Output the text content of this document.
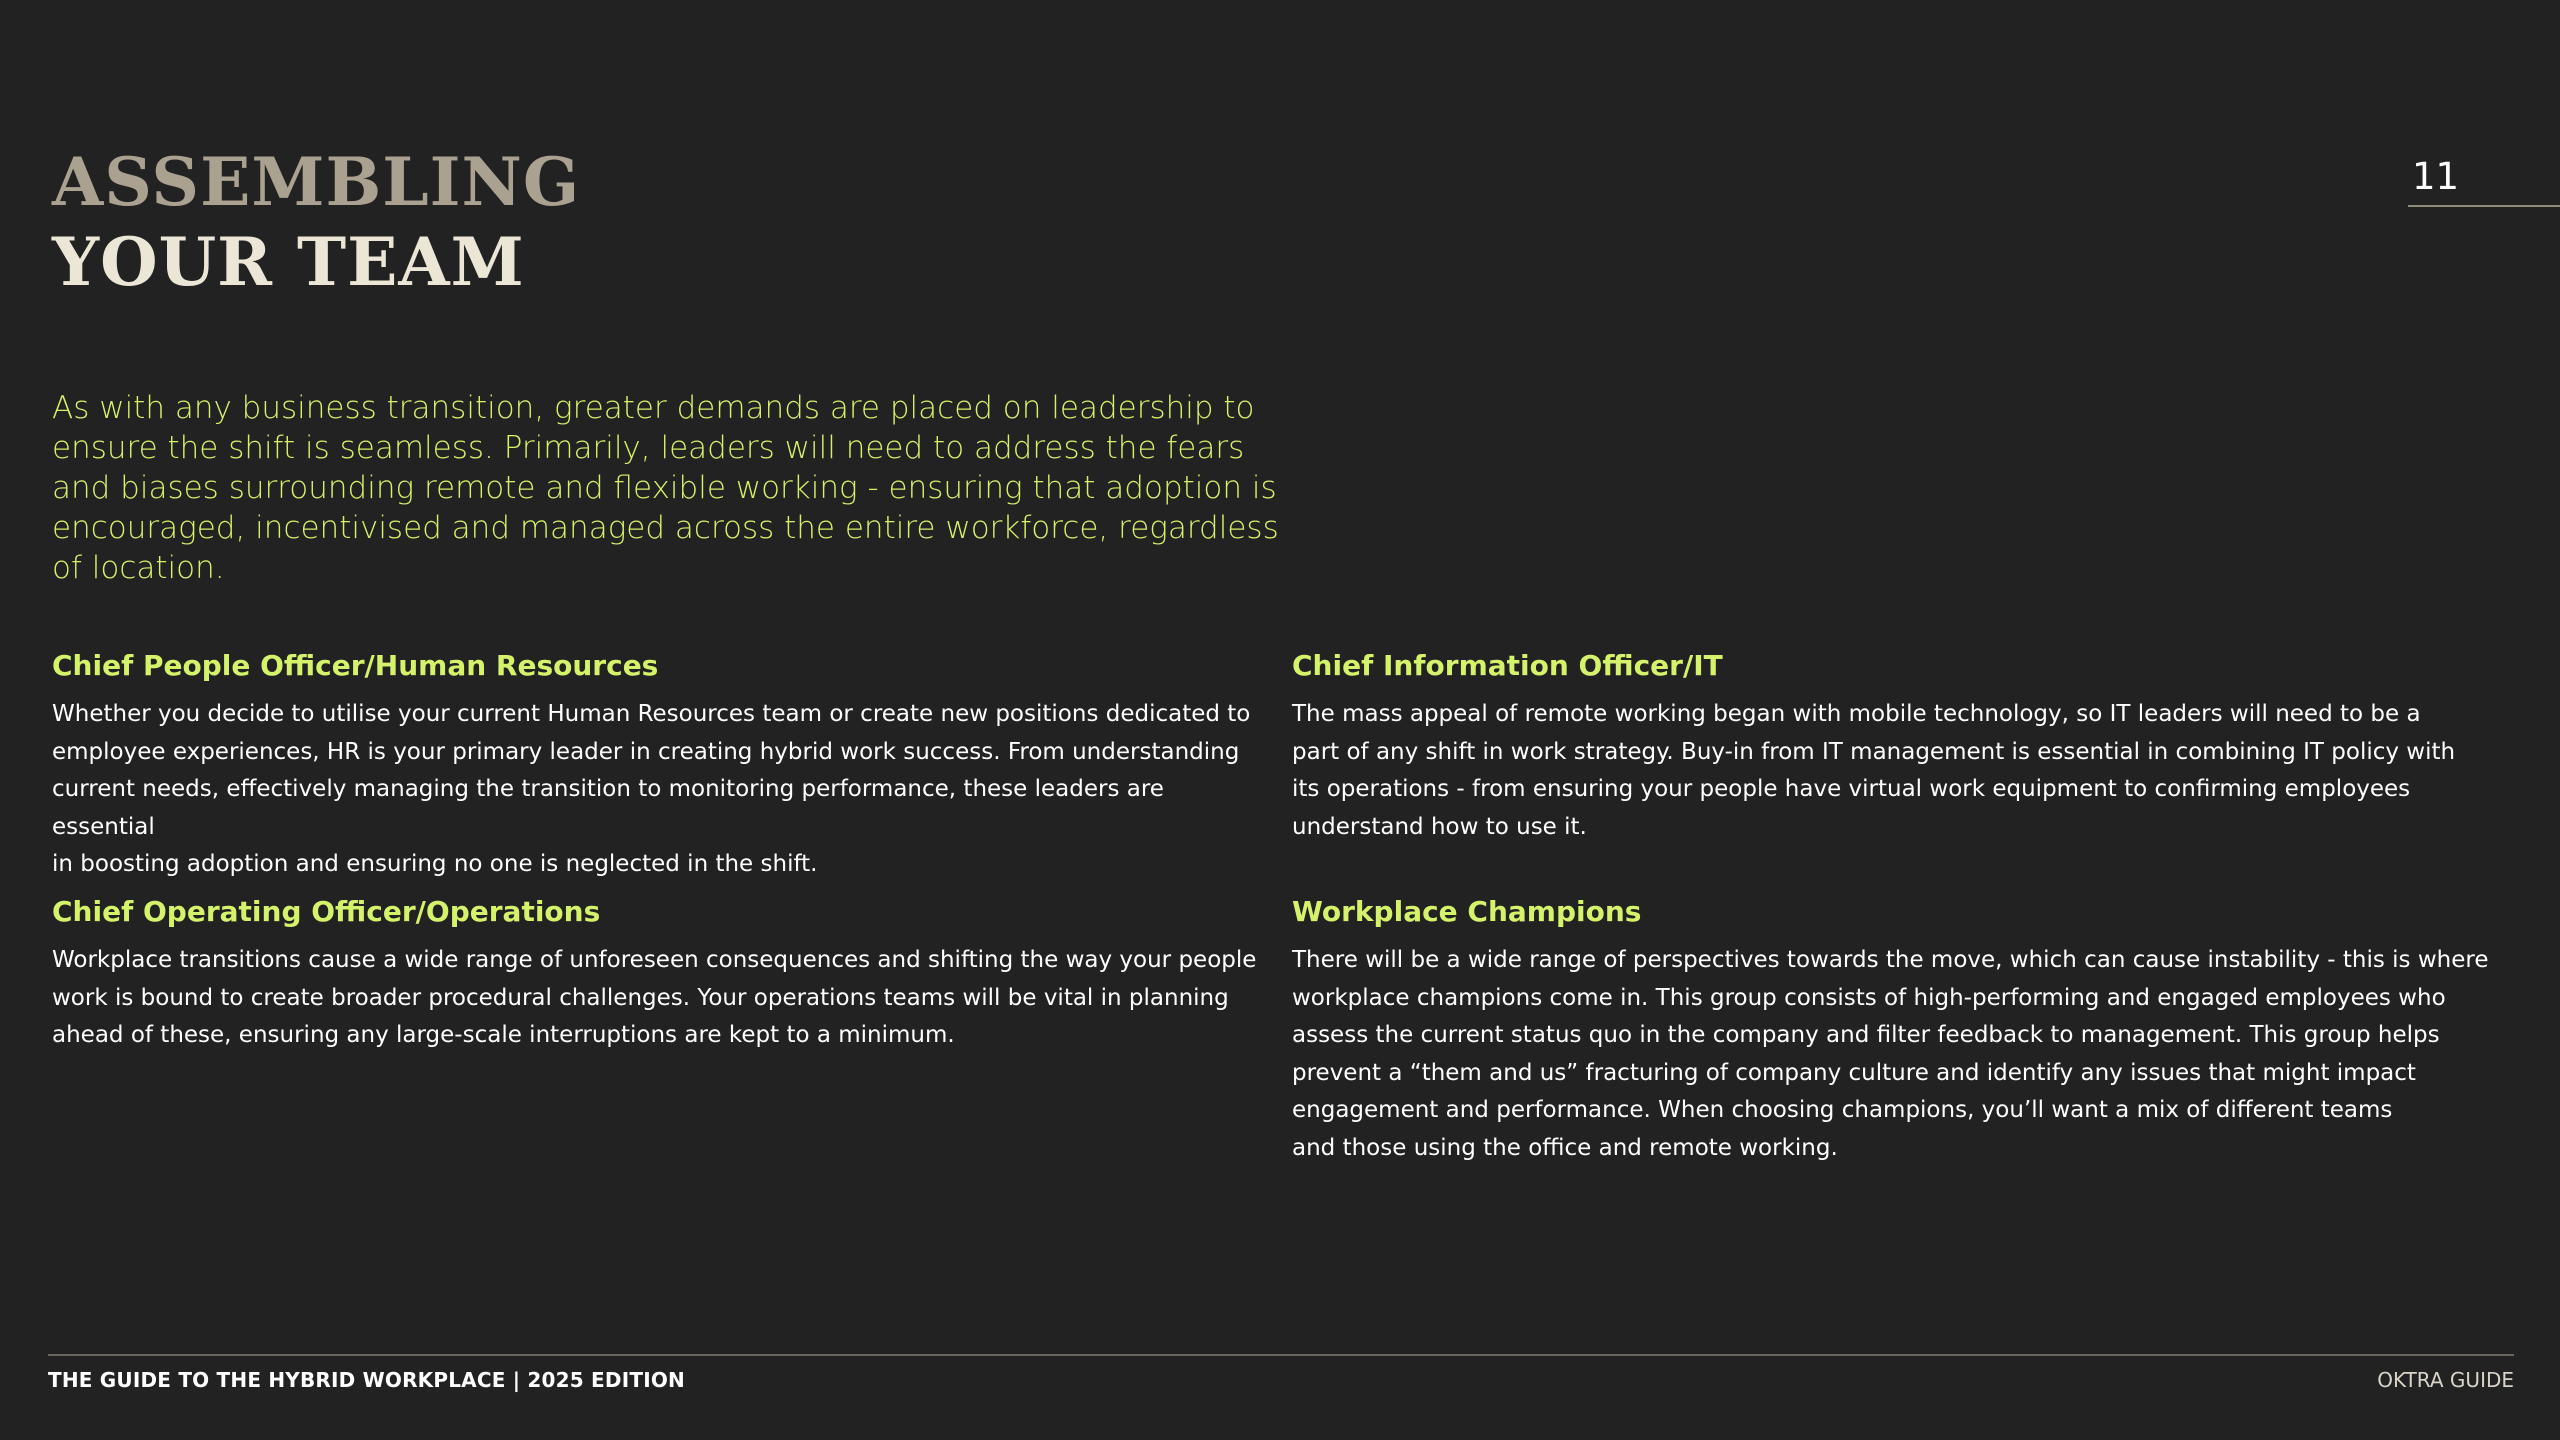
ASSEMBLING
YOUR TEAM
11

As with any business transition, greater demands are placed on leadership to
ensure the shift is seamless. Primarily, leaders will need to address the fears
and biases surrounding remote and flexible working - ensuring that adoption is
encouraged, incentivised and managed across the entire workforce, regardless
of location.

Chief People Officer/Human Resources

Whether you decide to utilise your current Human Resources team or create new positions dedicated to
employee experiences, HR is your primary leader in creating hybrid work success. From understanding
current needs, effectively managing the transition to monitoring performance, these leaders are essential
in boosting adoption and ensuring no one is neglected in the shift.

Chief Information Officer/IT

The mass appeal of remote working began with mobile technology, so IT leaders will need to be a
part of any shift in work strategy. Buy-in from IT management is essential in combining IT policy with
its operations - from ensuring your people have virtual work equipment to confirming employees
understand how to use it.

Chief Operating Officer/Operations

Workplace transitions cause a wide range of unforeseen consequences and shifting the way your people
work is bound to create broader procedural challenges. Your operations teams will be vital in planning
ahead of these, ensuring any large-scale interruptions are kept to a minimum.

Workplace Champions

There will be a wide range of perspectives towards the move, which can cause instability - this is where
workplace champions come in. This group consists of high-performing and engaged employees who
assess the current status quo in the company and filter feedback to management. This group helps
prevent a “them and us” fracturing of company culture and identify any issues that might impact
engagement and performance. When choosing champions, you’ll want a mix of different teams
and those using the office and remote working.

THE GUIDE TO THE HYBRID WORKPLACE | 2025 EDITION	OKTRA GUIDE
